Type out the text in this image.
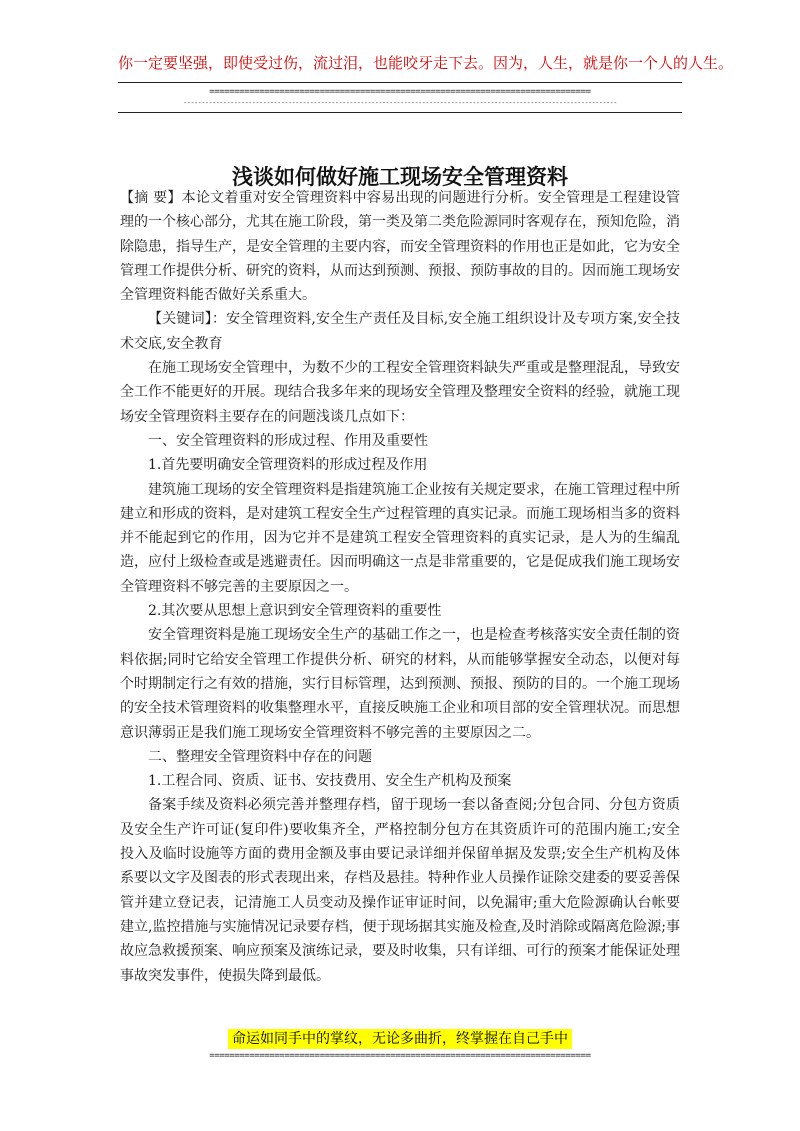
你一定要坚强，即使受过伤，流过泪，也能咬牙走下去。因为，人生，就是你一个人的人生。
============================================================================
------------------------------------------------------------------------------------------------------------------------
浅谈如何做好施工现场安全管理资料

【摘 要】本论文着重对安全管理资料中容易出现的问题进行分析。安全管理是工程建设管理的一个核心部分，尤其在施工阶段，第一类及第二类危险源同时客观存在，预知危险，消除隐患，指导生产，是安全管理的主要内容，而安全管理资料的作用也正是如此，它为安全管理工作提供分析、研究的资料，从而达到预测、预报、预防事故的目的。因而施工现场安全管理资料能否做好关系重大。

【关键词】：安全管理资料,安全生产责任及目标,安全施工组织设计及专项方案,安全技术交底,安全教育

在施工现场安全管理中，为数不少的工程安全管理资料缺失严重或是整理混乱，导致安全工作不能更好的开展。现结合我多年来的现场安全管理及整理安全资料的经验，就施工现场安全管理资料主要存在的问题浅谈几点如下：

一、安全管理资料的形成过程、作用及重要性

1.首先要明确安全管理资料的形成过程及作用

建筑施工现场的安全管理资料是指建筑施工企业按有关规定要求，在施工管理过程中所建立和形成的资料，是对建筑工程安全生产过程管理的真实记录。而施工现场相当多的资料并不能起到它的作用，因为它并不是建筑工程安全管理资料的真实记录，是人为的生编乱造，应付上级检查或是逃避责任。因而明确这一点是非常重要的，它是促成我们施工现场安全管理资料不够完善的主要原因之一。

2.其次要从思想上意识到安全管理资料的重要性

安全管理资料是施工现场安全生产的基础工作之一，也是检查考核落实安全责任制的资料依据;同时它给安全管理工作提供分析、研究的材料，从而能够掌握安全动态，以便对每个时期制定行之有效的措施，实行目标管理，达到预测、预报、预防的目的。一个施工现场的安全技术管理资料的收集整理水平，直接反映施工企业和项目部的安全管理状况。而思想意识薄弱正是我们施工现场安全管理资料不够完善的主要原因之二。

二、整理安全管理资料中存在的问题

1.工程合同、资质、证书、安技费用、安全生产机构及预案

备案手续及资料必须完善并整理存档，留于现场一套以备查阅;分包合同、分包方资质及安全生产许可证(复印件)要收集齐全，严格控制分包方在其资质许可的范围内施工;安全投入及临时设施等方面的费用金额及事由要记录详细并保留单据及发票;安全生产机构及体系要以文字及图表的形式表现出来，存档及悬挂。特种作业人员操作证除交建委的要妥善保管并建立登记表，记清施工人员变动及操作证审证时间，以免漏审;重大危险源确认台帐要建立,监控措施与实施情况记录要存档，便于现场据其实施及检查,及时消除或隔离危险源;事故应急救援预案、响应预案及演练记录，要及时收集，只有详细、可行的预案才能保证处理事故突发事件，使损失降到最低。

命运如同手中的掌纹，无论多曲折，终掌握在自己手中
============================================================================
